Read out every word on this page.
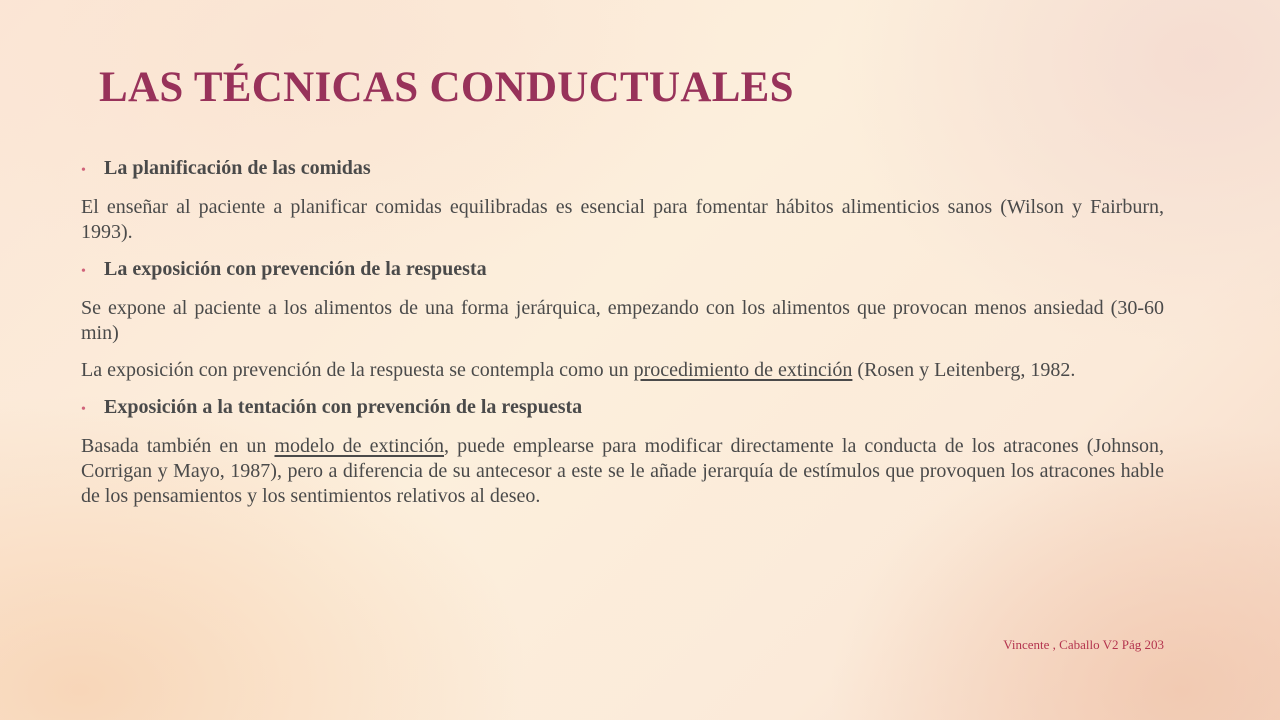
LAS TÉCNICAS CONDUCTUALES
• La planificación de las comidas

El enseñar al paciente a planificar comidas equilibradas es esencial para fomentar hábitos alimenticios sanos (Wilson y Fairburn, 1993).

• La exposición con prevención de la respuesta

Se expone al paciente a los alimentos de una forma jerárquica, empezando con los alimentos que provocan menos ansiedad (30-60 min)

La exposición con prevención de la respuesta se contempla como un procedimiento de extinción (Rosen y Leitenberg, 1982.

• Exposición a la tentación con prevención de la respuesta

Basada también en un modelo de extinción, puede emplearse para modificar directamente la conducta de los atracones (Johnson, Corrigan y Mayo, 1987), pero a diferencia de su antecesor a este se le añade jerarquía de estímulos que provoquen los atracones hable de los pensamientos y los sentimientos relativos al deseo.

Vincente , Caballo V2 Pág 203
